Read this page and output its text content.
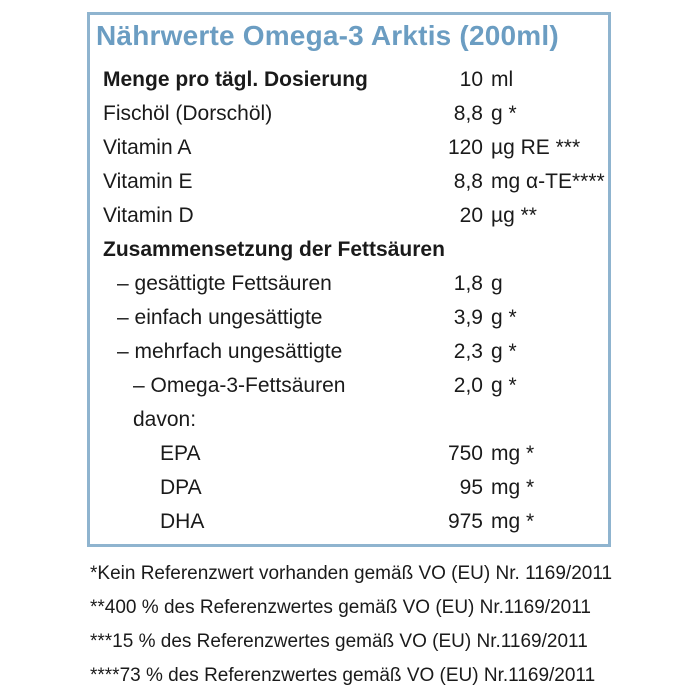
Nährwerte Omega-3 Arktis (200ml)
Menge pro tägl. Dosierung	10 ml
Fischöl (Dorschöl)	8,8 g *
Vitamin A	120 µg RE ***
Vitamin E	8,8 mg α-TE****
Vitamin D	20 µg **
Zusammensetzung der Fettsäuren
– gesättigte Fettsäuren	1,8 g
– einfach ungesättigte	3,9 g *
– mehrfach ungesättigte	2,3 g *
– Omega-3-Fettsäuren	2,0 g *
davon:
EPA	750 mg *
DPA	95 mg *
DHA	975 mg *
*Kein Referenzwert vorhanden gemäß VO (EU) Nr. 1169/2011
**400 % des Referenzwertes gemäß VO (EU) Nr.1169/2011
***15 % des Referenzwertes gemäß VO (EU) Nr.1169/2011
****73 % des Referenzwertes gemäß VO (EU) Nr.1169/2011
